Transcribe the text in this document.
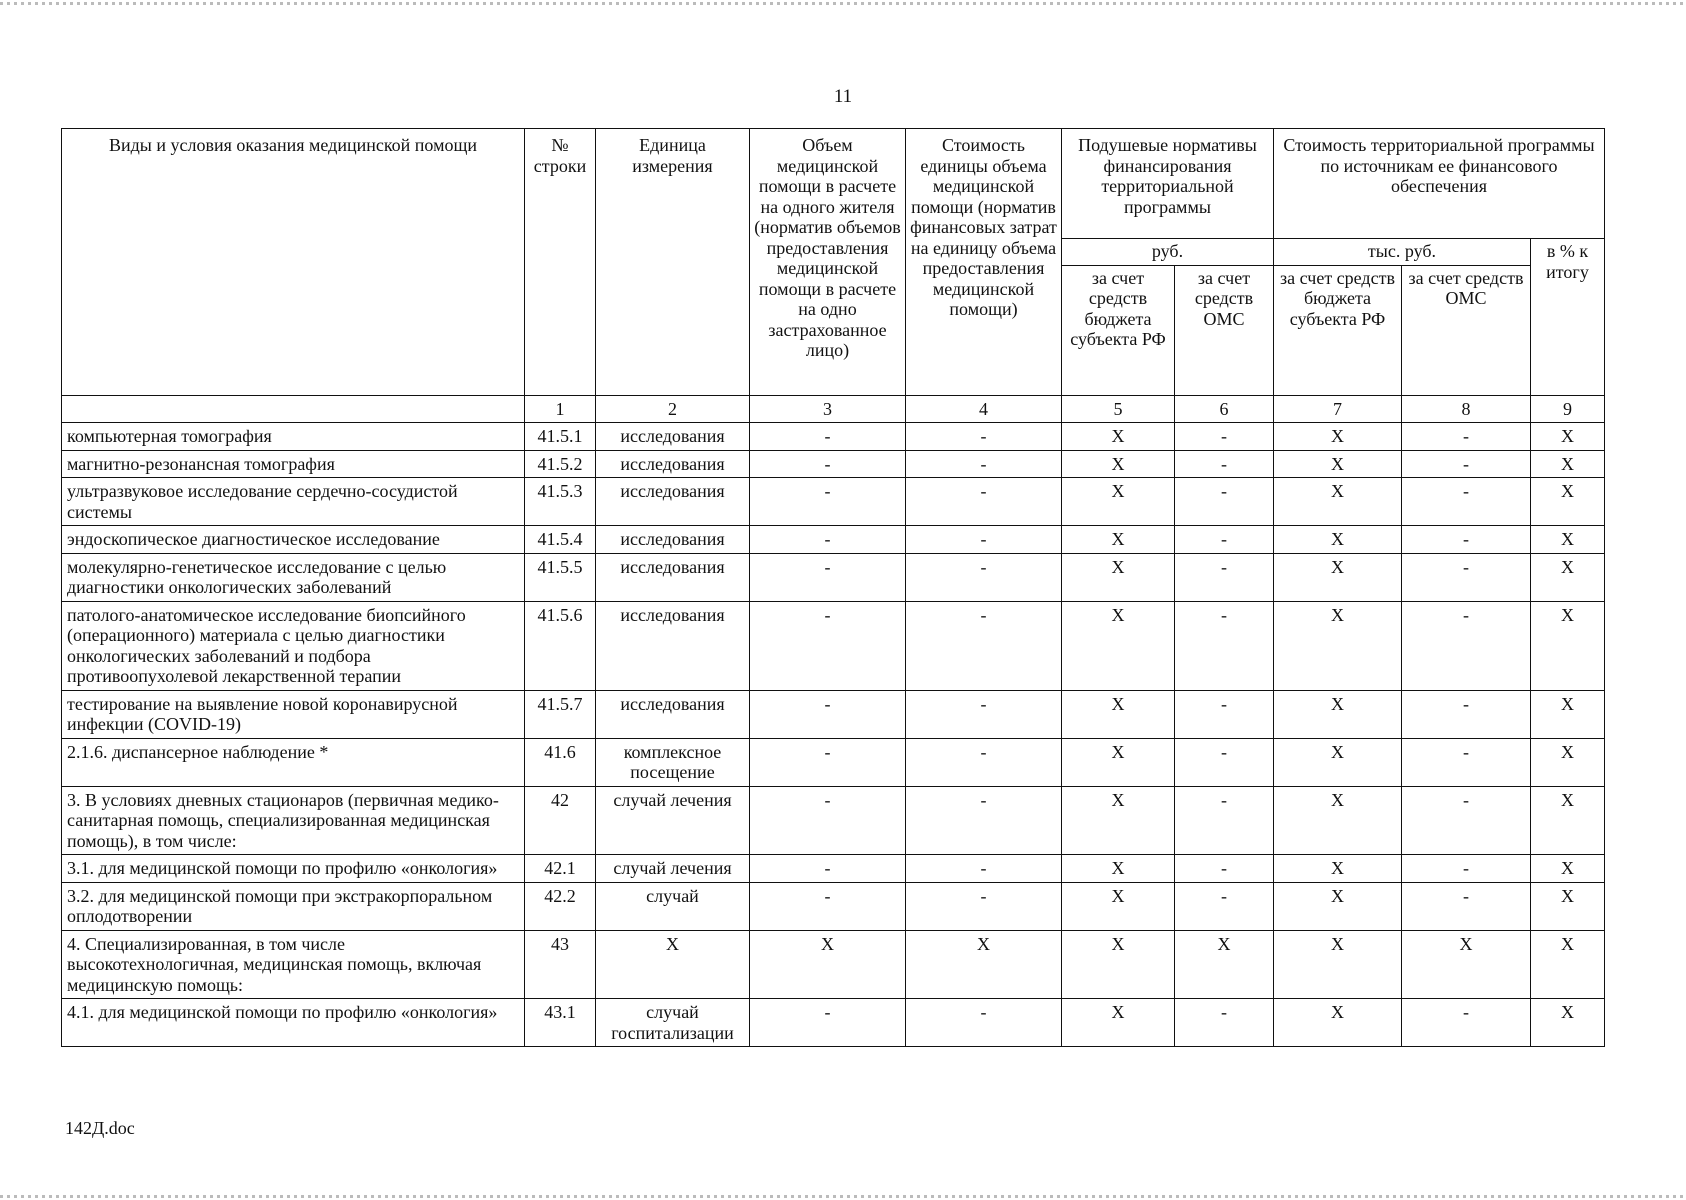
11
Виды и условия оказания медицинской помощи	№ строки	Единица измерения	Объем медицинской помощи в расчете на одного жителя (норматив объемов предоставления медицинской помощи в расчете на одно застрахованное лицо)	Стоимость единицы объема медицинской помощи (норматив финансовых затрат на единицу объема предоставления медицинской помощи)	Подушевые нормативы финансирования территориальной программы		Стоимость территориальной программы по источникам ее финансового обеспечения		
					руб.		тыс. руб.		в % к итогу
					за счет средств бюджета субъекта РФ	за счет средств ОМС	за счет средств бюджета субъекта РФ	за счет средств ОМС	
	1	2	3	4	5	6	7	8	9
компьютерная томография	41.5.1	исследования	-	-	X	-	X	-	X
магнитно-резонансная томография	41.5.2	исследования	-	-	X	-	X	-	X
ультразвуковое исследование сердечно-сосудистой системы	41.5.3	исследования	-	-	X	-	X	-	X
эндоскопическое диагностическое исследование	41.5.4	исследования	-	-	X	-	X	-	X
молекулярно-генетическое исследование с целью диагностики онкологических заболеваний	41.5.5	исследования	-	-	X	-	X	-	X
патолого-анатомическое исследование биопсийного (операционного) материала с целью диагностики онкологических заболеваний и подбора противоопухолевой лекарственной терапии	41.5.6	исследования	-	-	X	-	X	-	X
тестирование на выявление новой коронавирусной инфекции (COVID-19)	41.5.7	исследования	-	-	X	-	X	-	X
2.1.6. диспансерное наблюдение *	41.6	комплексное посещение	-	-	X	-	X	-	X
3. В условиях дневных стационаров (первичная медико-санитарная помощь, специализированная медицинская помощь), в том числе:	42	случай лечения	-	-	X	-	X	-	X
3.1. для медицинской помощи по профилю «онкология»	42.1	случай лечения	-	-	X	-	X	-	X
3.2. для медицинской помощи при экстракорпоральном оплодотворении	42.2	случай	-	-	X	-	X	-	X
4. Специализированная, в том числе высокотехнологичная, медицинская помощь, включая медицинскую помощь:	43	X	X	X	X	X	X	X	X
4.1. для медицинской помощи по профилю «онкология»	43.1	случай госпитализации	-	-	X	-	X	-	X
142Д.doc
